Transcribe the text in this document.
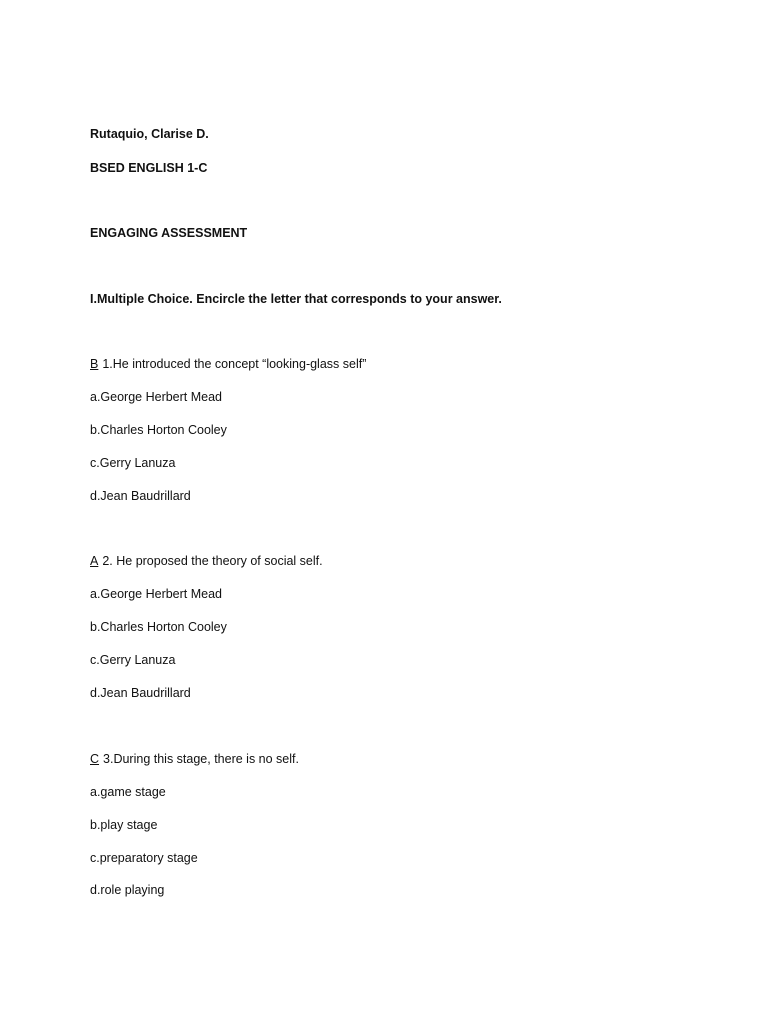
Rutaquio, Clarise D.
BSED ENGLISH 1-C
ENGAGING ASSESSMENT
I.Multiple Choice. Encircle the letter that corresponds to your answer.
B 1.He introduced the concept “looking-glass self”
a.George Herbert Mead
b.Charles Horton Cooley
c.Gerry Lanuza
d.Jean Baudrillard
A 2. He proposed the theory of social self.
a.George Herbert Mead
b.Charles Horton Cooley
c.Gerry Lanuza
d.Jean Baudrillard
C 3.During this stage, there is no self.
a.game stage
b.play stage
c.preparatory stage
d.role playing
